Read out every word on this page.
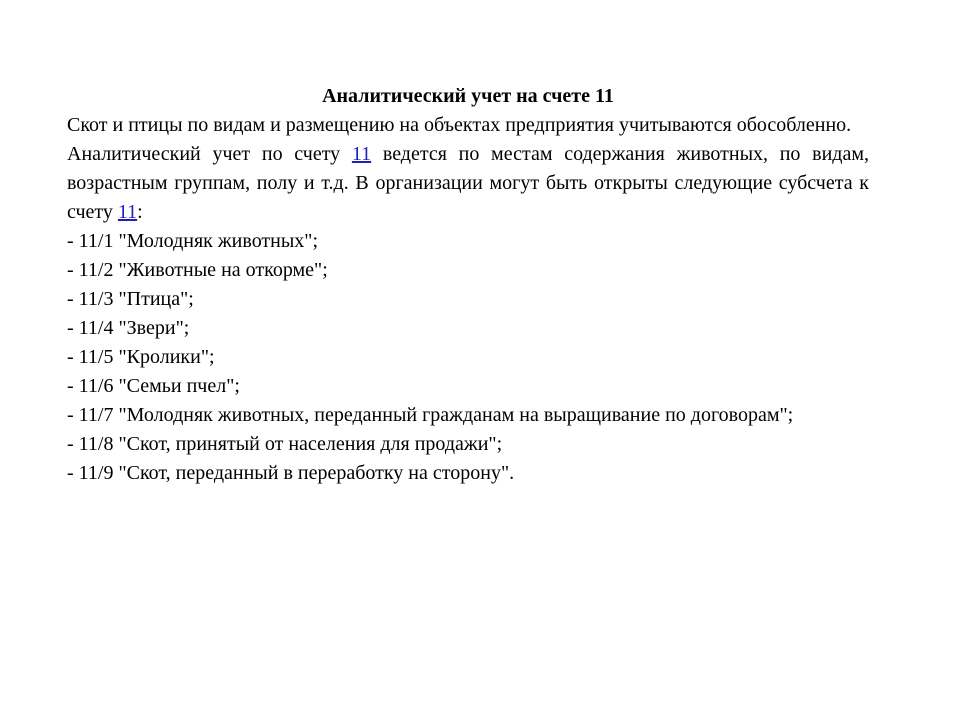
Аналитический учет на счете 11

Скот и птицы по видам и размещению на объектах предприятия учитываются обособленно.

Аналитический учет по счету 11 ведется по местам содержания животных, по видам, возрастным группам, полу и т.д. В организации могут быть открыты следующие субсчета к счету 11:

- 11/1 "Молодняк животных";

- 11/2 "Животные на откорме";

- 11/3 "Птица";

- 11/4 "Звери";

- 11/5 "Кролики";

- 11/6 "Семьи пчел";

- 11/7 "Молодняк животных, переданный гражданам на выращивание по договорам";

- 11/8 "Скот, принятый от населения для продажи";

- 11/9 "Скот, переданный в переработку на сторону".
